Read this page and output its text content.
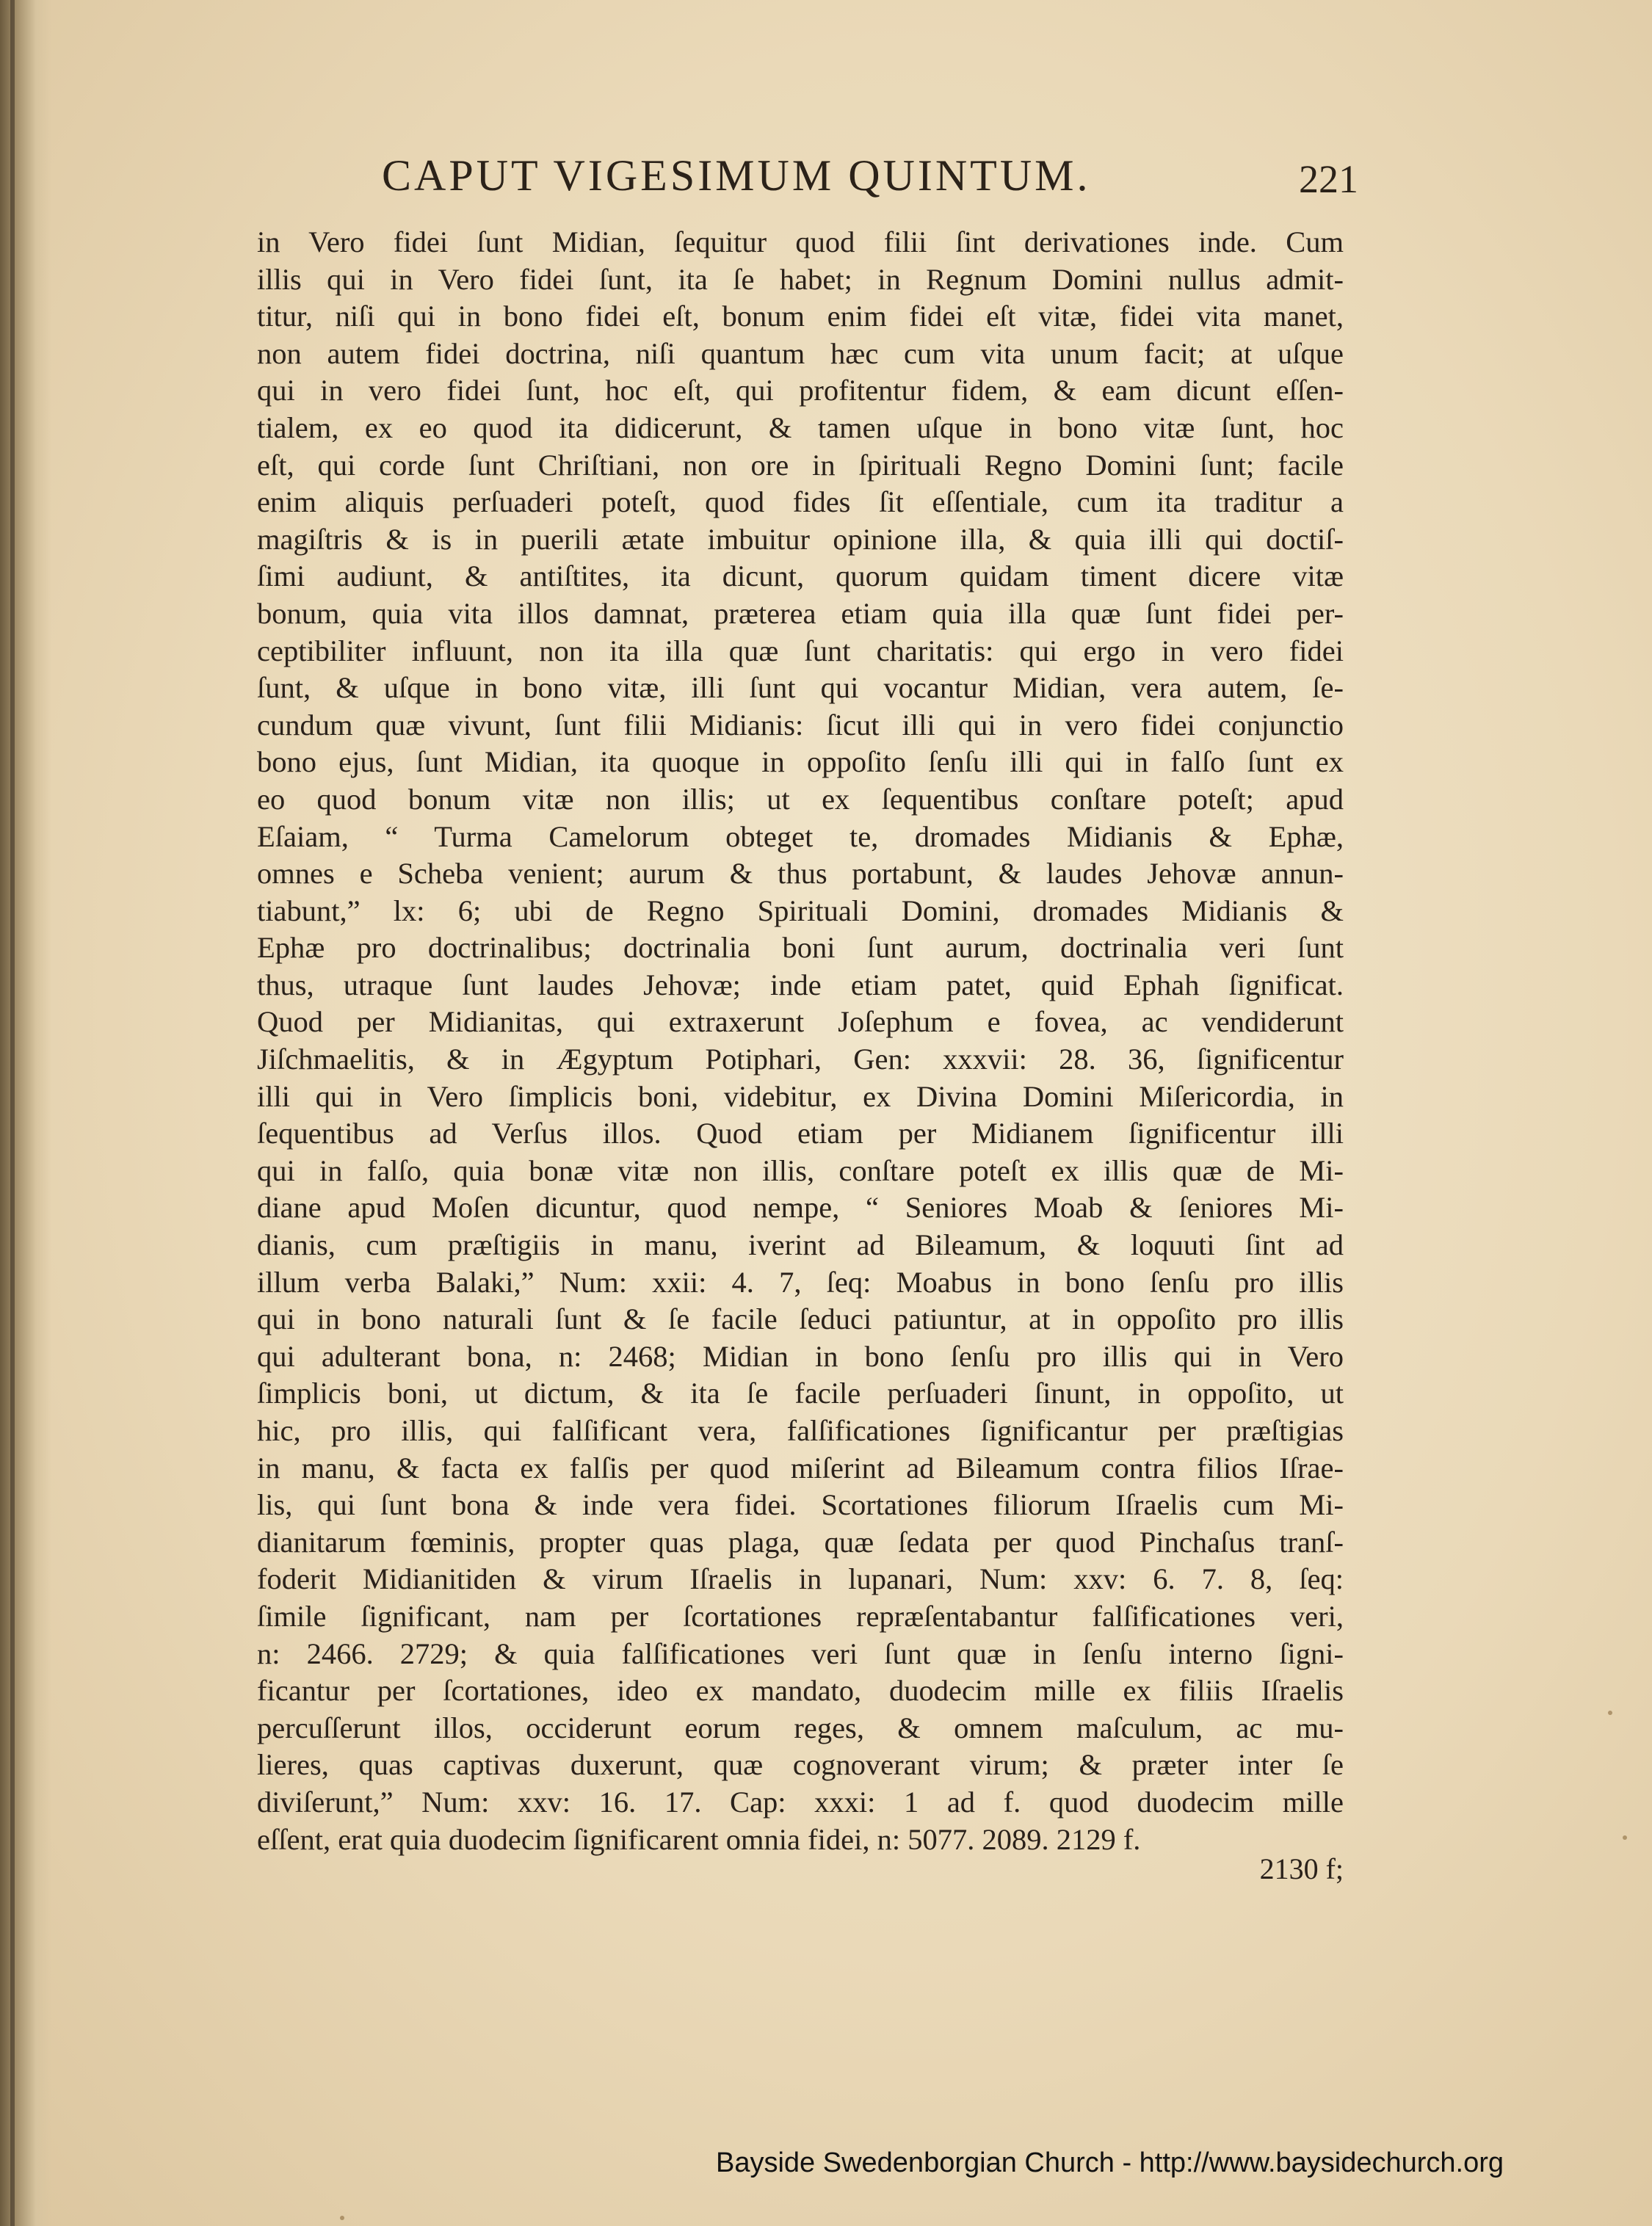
CAPUT VIGESIMUM QUINTUM.	221
in Vero fidei ſunt Midian, ſequitur quod filii ſint derivationes inde. Cum
illis qui in Vero fidei ſunt, ita ſe habet; in Regnum Domini nullus admit-
titur, niſi qui in bono fidei eſt, bonum enim fidei eſt vitæ, fidei vita manet,
non autem fidei doctrina, niſi quantum hæc cum vita unum facit; at uſque
qui in vero fidei ſunt, hoc eſt, qui profitentur fidem, & eam dicunt eſſen-
tialem, ex eo quod ita didicerunt, & tamen uſque in bono vitæ ſunt, hoc
eſt, qui corde ſunt Chriſtiani, non ore in ſpirituali Regno Domini ſunt; facile
enim aliquis perſuaderi poteſt, quod fides ſit eſſentiale, cum ita traditur a
magiſtris & is in puerili ætate imbuitur opinione illa, & quia illi qui doctiſ-
ſimi audiunt, & antiſtites, ita dicunt, quorum quidam timent dicere vitæ
bonum, quia vita illos damnat, præterea etiam quia illa quæ ſunt fidei per-
ceptibiliter influunt, non ita illa quæ ſunt charitatis: qui ergo in vero fidei
ſunt, & uſque in bono vitæ, illi ſunt qui vocantur Midian, vera autem, ſe-
cundum quæ vivunt, ſunt filii Midianis: ſicut illi qui in vero fidei conjunctio
bono ejus, ſunt Midian, ita quoque in oppoſito ſenſu illi qui in falſo ſunt ex
eo quod bonum vitæ non illis; ut ex ſequentibus conſtare poteſt; apud
Eſaiam, “ Turma Camelorum obteget te, dromades Midianis & Ephæ,
omnes e Scheba venient; aurum & thus portabunt, & laudes Jehovæ annun-
tiabunt,” lx: 6; ubi de Regno Spirituali Domini, dromades Midianis &
Ephæ pro doctrinalibus; doctrinalia boni ſunt aurum, doctrinalia veri ſunt
thus, utraque ſunt laudes Jehovæ; inde etiam patet, quid Ephah ſignificat.
Quod per Midianitas, qui extraxerunt Joſephum e fovea, ac vendiderunt
Jiſchmaelitis, & in Ægyptum Potiphari, Gen: xxxvii: 28. 36, ſignificentur
illi qui in Vero ſimplicis boni, videbitur, ex Divina Domini Miſericordia, in
ſequentibus ad Verſus illos. Quod etiam per Midianem ſignificentur illi
qui in falſo, quia bonæ vitæ non illis, conſtare poteſt ex illis quæ de Mi-
diane apud Moſen dicuntur, quod nempe, “ Seniores Moab & ſeniores Mi-
dianis, cum præſtigiis in manu, iverint ad Bileamum, & loquuti ſint ad
illum verba Balaki,” Num: xxii: 4. 7, ſeq: Moabus in bono ſenſu pro illis
qui in bono naturali ſunt & ſe facile ſeduci patiuntur, at in oppoſito pro illis
qui adulterant bona, n: 2468; Midian in bono ſenſu pro illis qui in Vero
ſimplicis boni, ut dictum, & ita ſe facile perſuaderi ſinunt, in oppoſito, ut
hic, pro illis, qui falſificant vera, falſificationes ſignificantur per præſtigias
in manu, & facta ex falſis per quod miſerint ad Bileamum contra filios Iſrae-
lis, qui ſunt bona & inde vera fidei. Scortationes filiorum Iſraelis cum Mi-
dianitarum fœminis, propter quas plaga, quæ ſedata per quod Pinchaſus tranſ-
foderit Midianitiden & virum Iſraelis in lupanari, Num: xxv: 6. 7. 8, ſeq:
ſimile ſignificant, nam per ſcortationes repræſentabantur falſificationes veri,
n: 2466. 2729; & quia falſificationes veri ſunt quæ in ſenſu interno ſigni-
ficantur per ſcortationes, ideo ex mandato, duodecim mille ex filiis Iſraelis
percuſſerunt illos, occiderunt eorum reges, & omnem maſculum, ac mu-
lieres, quas captivas duxerunt, quæ cognoverant virum; & præter inter ſe
diviſerunt,” Num: xxv: 16. 17. Cap: xxxi: 1 ad f. quod duodecim mille
eſſent, erat quia duodecim ſignificarent omnia fidei, n: 5077. 2089. 2129 f.
2130 f;
Bayside Swedenborgian Church - http://www.baysidechurch.org
